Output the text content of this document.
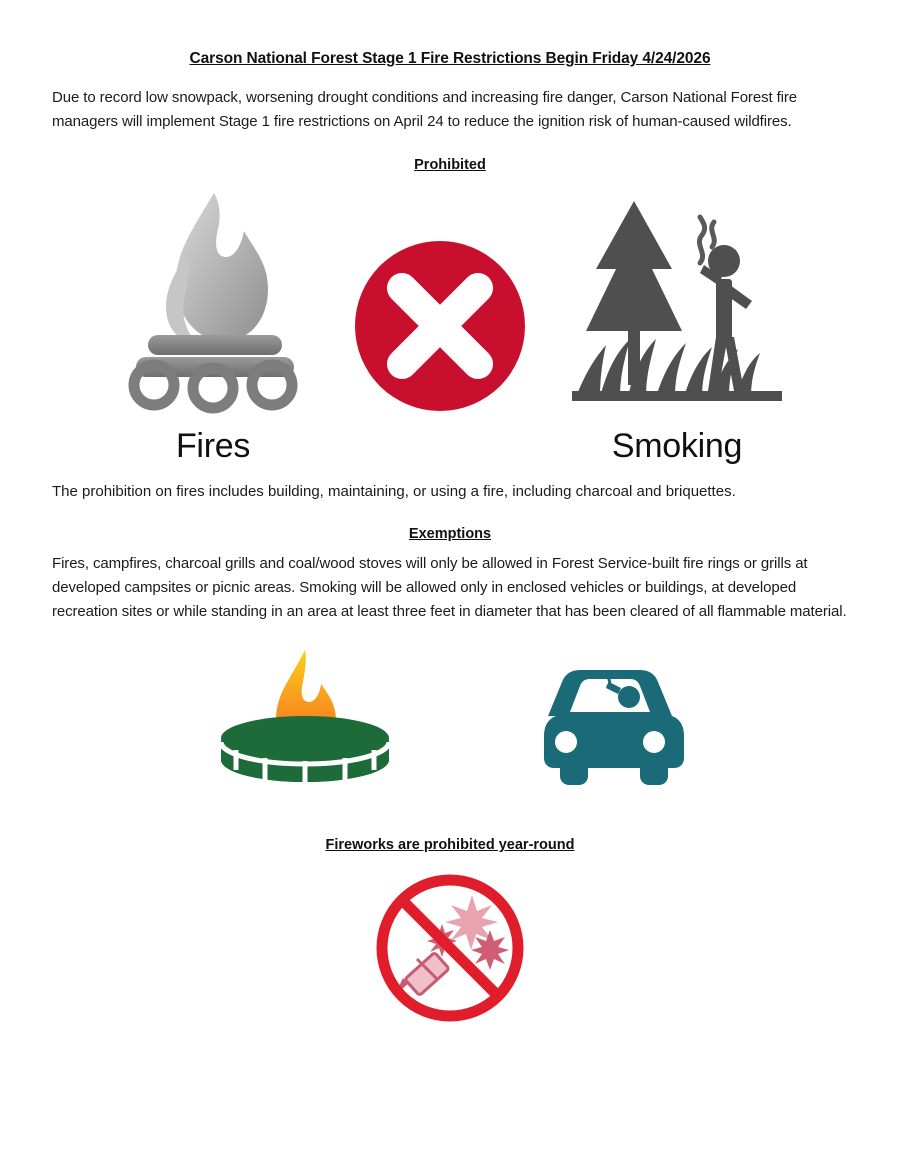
Carson National Forest Stage 1 Fire Restrictions Begin Friday 4/24/2026

Due to record low snowpack, worsening drought conditions and increasing fire danger, Carson National Forest fire managers will implement Stage 1 fire restrictions on April 24 to reduce the ignition risk of human-caused wildfires.

Prohibited
Fires	Smoking

The prohibition on fires includes building, maintaining, or using a fire, including charcoal and briquettes.

Exemptions

Fires, campfires, charcoal grills and coal/wood stoves will only be allowed in Forest Service-built fire rings or grills at developed campsites or picnic areas. Smoking will be allowed only in enclosed vehicles or buildings, at developed recreation sites or while standing in an area at least three feet in diameter that has been cleared of all flammable material.

Fireworks are prohibited year-round
